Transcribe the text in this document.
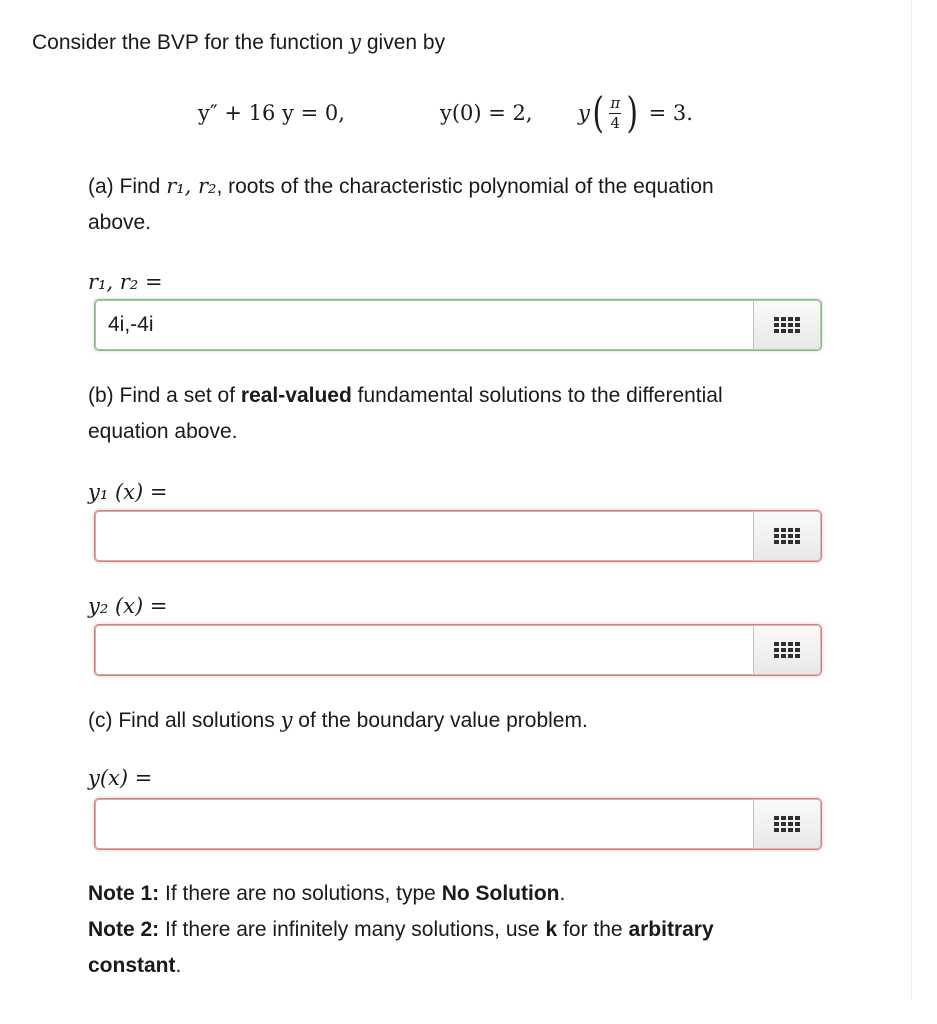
Consider the BVP for the function y given by
y″ + 16 y = 0,	y(0) = 2, y ( $\frac{\pi}{4}$ ) = 3.
(a) Find r₁, r₂, roots of the characteristic polynomial of the equation
above.
r₁, r₂ =
4i,-4i
(b) Find a set of real-valued fundamental solutions to the differential
equation above.
y₁ (x) =
y₂ (x) =
(c) Find all solutions y of the boundary value problem.
y(x) =
Note 1: If there are no solutions, type No Solution.
Note 2: If there are infinitely many solutions, use k for the arbitrary
constant.
